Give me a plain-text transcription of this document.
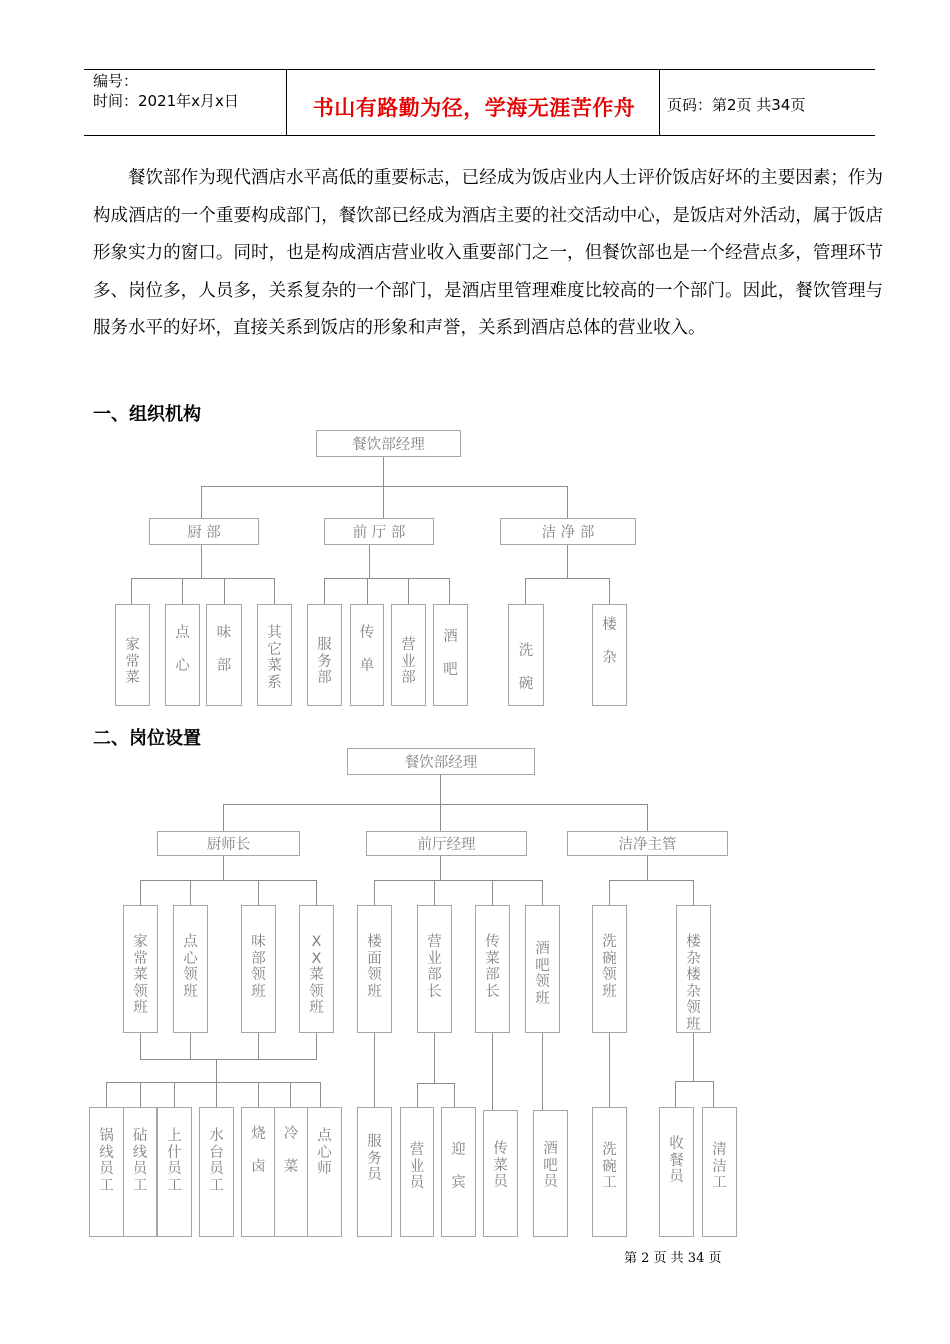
编号：
时间：2021年x月x日	书山有路勤为径，学海无涯苦作舟	页码：第2页 共34页

餐饮部作为现代酒店水平高低的重要标志，已经成为饭店业内人士评价饭店好坏的主要因素；作为构成酒店的一个重要构成部门，餐饮部已经成为酒店主要的社交活动中心，是饭店对外活动，属于饭店形象实力的窗口。同时，也是构成酒店营业收入重要部门之一，但餐饮部也是一个经营点多，管理环节多、岗位多，人员多，关系复杂的一个部门，是酒店里管理难度比较高的一个部门。因此，餐饮管理与服务水平的好坏，直接关系到饭店的形象和声誉，关系到酒店总体的营业收入。

一、组织机构
餐饮部经理
厨 部	前 厅 部	洁 净 部
家
常
菜
点

心
味

部
其
它
菜
系
服
务
部
传

单
营
业
部
酒

吧
洗

碗
楼

杂
二、岗位设置
餐饮部经理
厨师长	前厅经理	洁净主管
家
常
菜
领
班
点
心
领
班
味
部
领
班
X
X
菜
领
班
楼
面
领
班
营
业
部
长
传
菜
部
长
酒
吧
领
班
洗
碗
领
班
楼
杂
楼
杂
领
班
锅
线
员
工
砧
线
员
工
上
什
员
工
水
台
员
工
烧

卤
冷

菜
点
心
师
服
务
员
营
业
员
迎

宾
传
菜
员
酒
吧
员
洗
碗
工
收
餐
员
清
洁
工
第 2 页 共 34 页
